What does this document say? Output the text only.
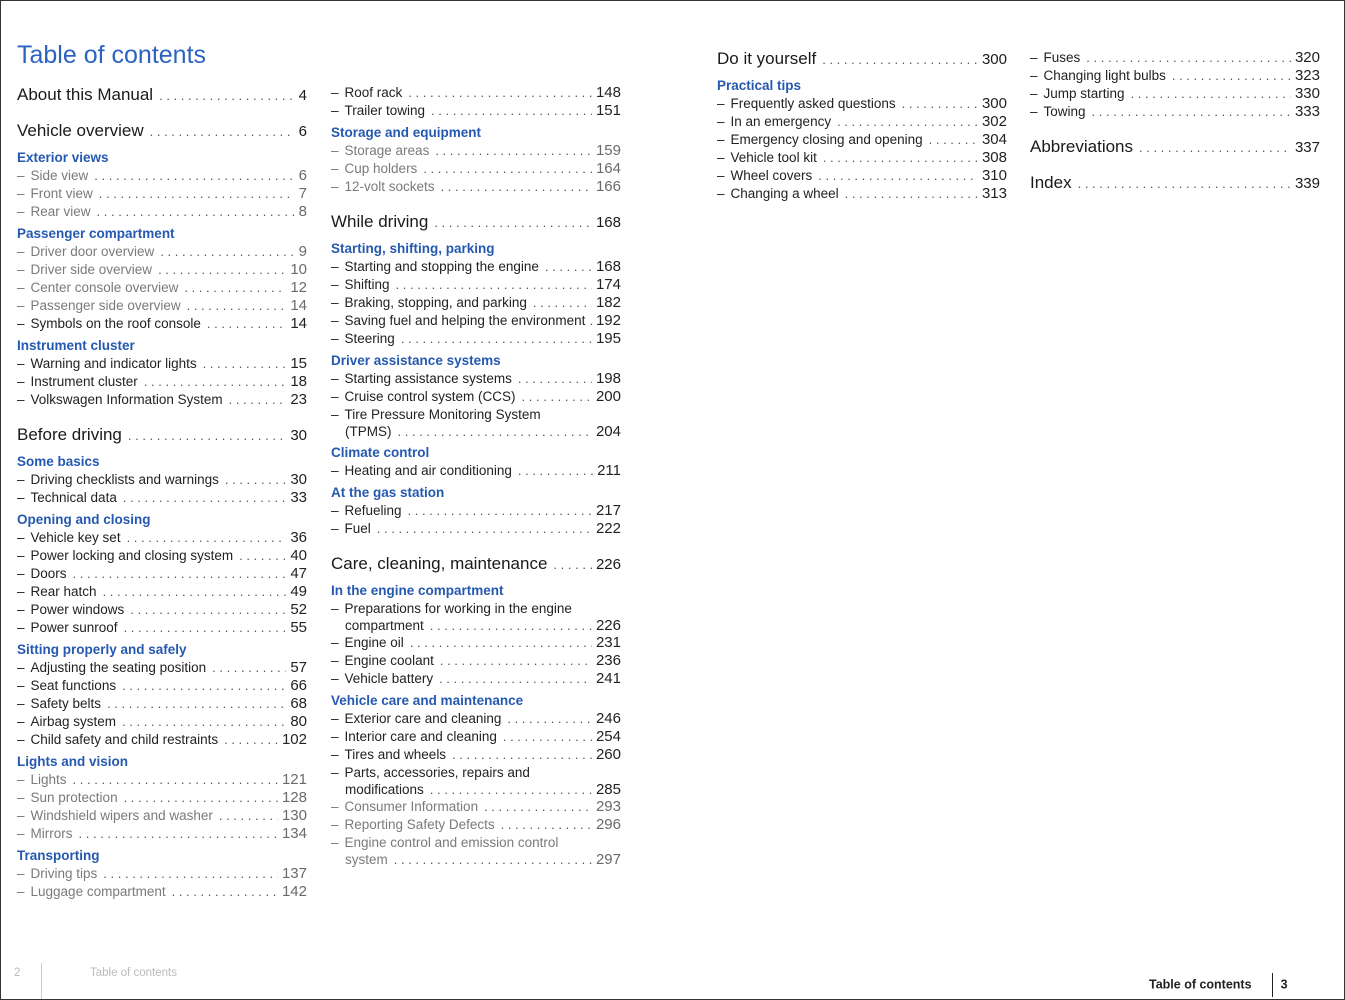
Table of contents
About this Manual . . .	4
Vehicle overview . . .	6
Exterior views
– Side view . . .	6
– Front view . . .	7
– Rear view . . .	8
Passenger compartment
– Driver door overview . . .	9
– Driver side overview . . .	10
– Center console overview . . .	12
– Passenger side overview . . .	14
– Symbols on the roof console . . .	14
Instrument cluster
– Warning and indicator lights . . .	15
– Instrument cluster . . .	18
– Volkswagen Information System . . .	23
Before driving . . .	30
Some basics
– Driving checklists and warnings . . .	30
– Technical data . . .	33
Opening and closing
– Vehicle key set . . .	36
– Power locking and closing system . . .	40
– Doors . . .	47
– Rear hatch . . .	49
– Power windows . . .	52
– Power sunroof . . .	55
Sitting properly and safely
– Adjusting the seating position . . .	57
– Seat functions . . .	66
– Safety belts . . .	68
– Airbag system . . .	80
– Child safety and child restraints . . .	102
Lights and vision
– Lights . . .	121
– Sun protection . . .	128
– Windshield wipers and washer . . .	130
– Mirrors . . .	134
Transporting
– Driving tips . . .	137
– Luggage compartment . . .	142
– Roof rack . . .	148
– Trailer towing . . .	151
Storage and equipment
– Storage areas . . .	159
– Cup holders . . .	164
– 12-volt sockets . . .	166
While driving . . .	168
Starting, shifting, parking
– Starting and stopping the engine . . .	168
– Shifting . . .	174
– Braking, stopping, and parking . . .	182
– Saving fuel and helping the environment . . . 192
– Steering . . .	195
Driver assistance systems
– Starting assistance systems . . .	198
– Cruise control system (CCS) . . .	200
– Tire Pressure Monitoring System
(TPMS) . . .	204
Climate control
– Heating and air conditioning . . .	211
At the gas station
– Refueling . . .	217
– Fuel . . .	222
Care, cleaning, maintenance . . .	226
In the engine compartment
– Preparations for working in the engine
compartment . . .	226
– Engine oil . . .	231
– Engine coolant . . .	236
– Vehicle battery . . .	241
Vehicle care and maintenance
– Exterior care and cleaning . . .	246
– Interior care and cleaning . . .	254
– Tires and wheels . . .	260
– Parts, accessories, repairs and
modifications . . .	285
– Consumer Information . . .	293
– Reporting Safety Defects . . .	296
– Engine control and emission control
system . . .	297
Do it yourself . . .	300
Practical tips
– Frequently asked questions . . .	300
– In an emergency . . .	302
– Emergency closing and opening . . .	304
– Vehicle tool kit . . .	308
– Wheel covers . . .	310
– Changing a wheel . . .	313
– Fuses . . .	320
– Changing light bulbs . . .	323
– Jump starting . . .	330
– Towing . . .	333
Abbreviations . . .	337
Index . . .	339
2	Table of contents
Table of contents 3
